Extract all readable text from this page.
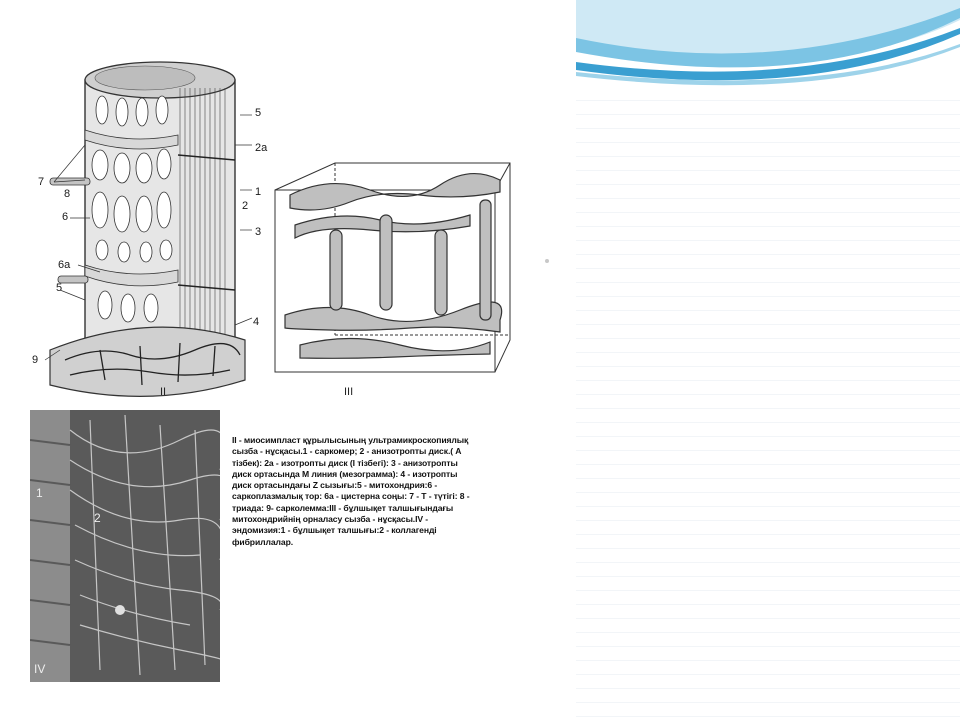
II
5
2a
1
2
3
4
7
8
6
6a
5
9
III
1
2
IV
II - миосимпласт құрылысының ультрамикроскопиялық
сызба - нұсқасы.1 - саркомер; 2 - анизотропты диск.( А
тізбек): 2a - изотропты диск (I тізбегі): 3 - анизотропты
диск ортасында М линия (мезограмма): 4 - изотропты
диск ортасындағы Z сызығы:5 - митохондрия:6 -
саркоплазмалық тор: 6а - цистерна соңы: 7 - Т - түтігі: 8 -
триада: 9- сарколемма:III - бұлшықет талшығындағы
митохондрийнің орналасу сызба - нұсқасы.IV -
эндомизия:1 - бұлшықет талшығы:2 - коллагенді
фибриллалар.
